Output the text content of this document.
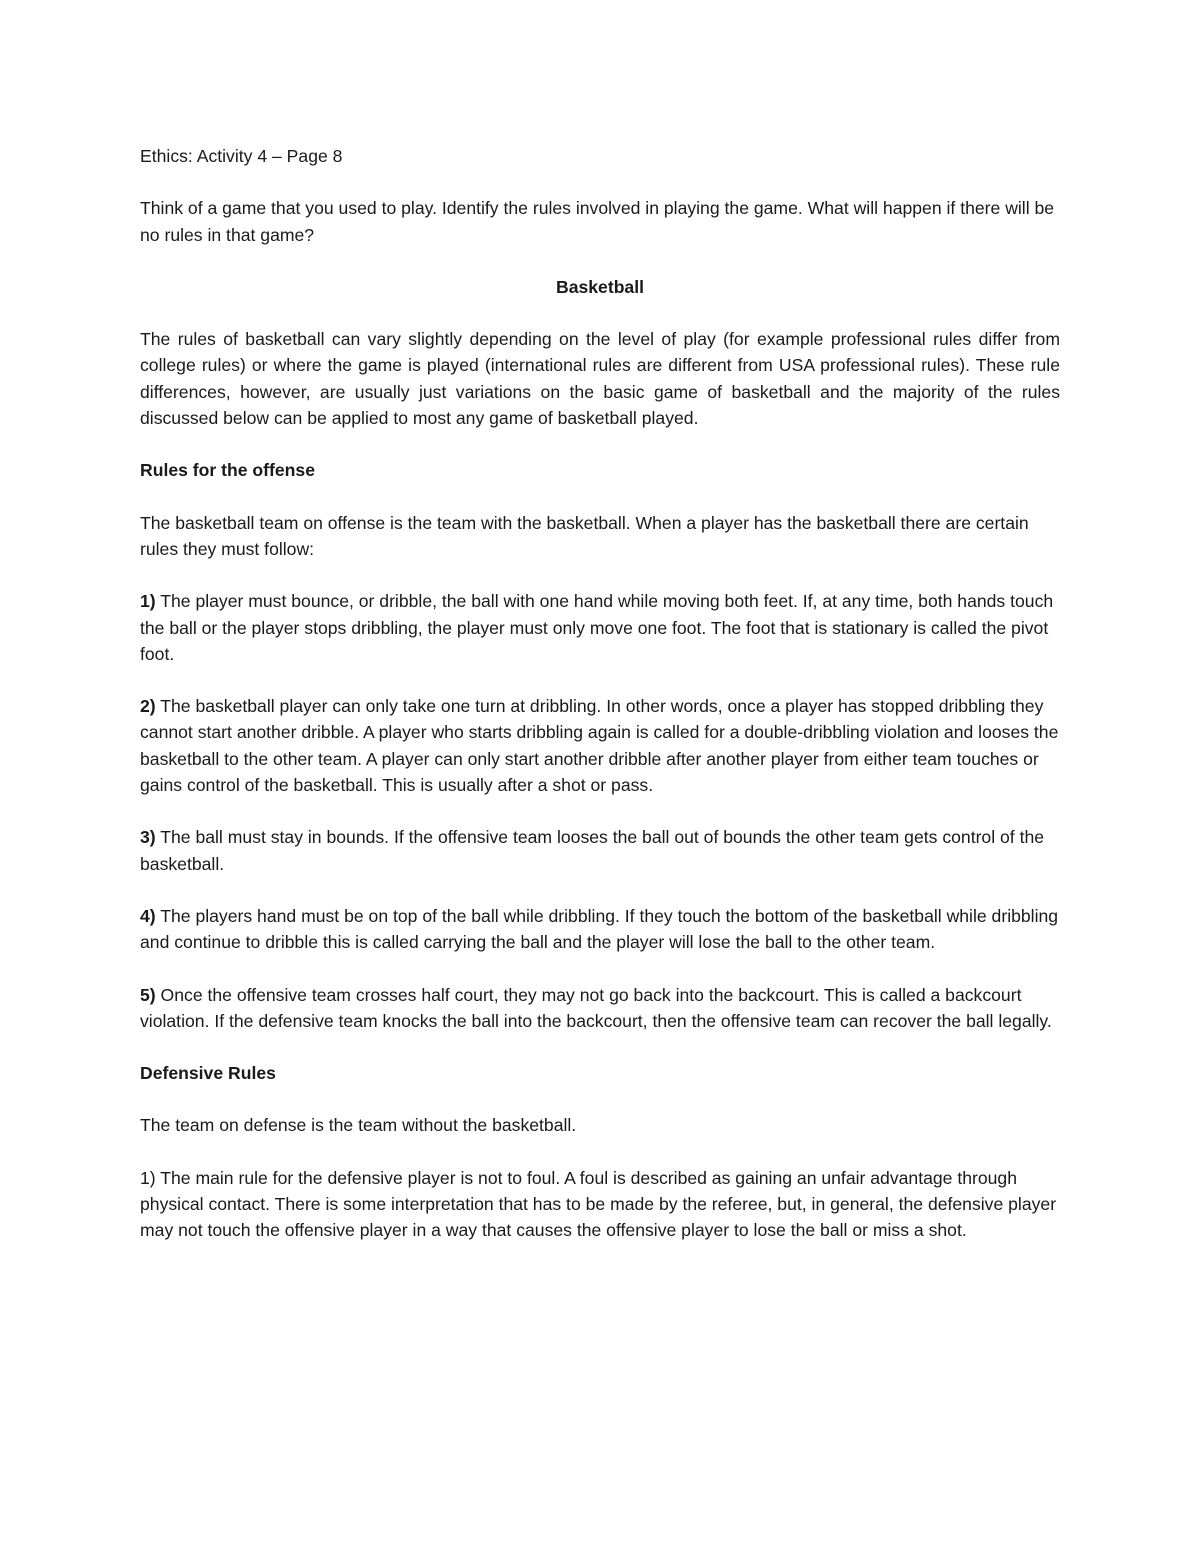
Ethics: Activity 4 – Page 8

Think of a game that you used to play. Identify the rules involved in playing the game. What will happen if there will be no rules in that game?

Basketball

The rules of basketball can vary slightly depending on the level of play (for example professional rules differ from college rules) or where the game is played (international rules are different from USA professional rules). These rule differences, however, are usually just variations on the basic game of basketball and the majority of the rules discussed below can be applied to most any game of basketball played.

Rules for the offense

The basketball team on offense is the team with the basketball. When a player has the basketball there are certain rules they must follow:

1) The player must bounce, or dribble, the ball with one hand while moving both feet. If, at any time, both hands touch the ball or the player stops dribbling, the player must only move one foot. The foot that is stationary is called the pivot foot.

2) The basketball player can only take one turn at dribbling. In other words, once a player has stopped dribbling they cannot start another dribble. A player who starts dribbling again is called for a double-dribbling violation and looses the basketball to the other team. A player can only start another dribble after another player from either team touches or gains control of the basketball. This is usually after a shot or pass.

3) The ball must stay in bounds. If the offensive team looses the ball out of bounds the other team gets control of the basketball.

4) The players hand must be on top of the ball while dribbling. If they touch the bottom of the basketball while dribbling and continue to dribble this is called carrying the ball and the player will lose the ball to the other team.

5) Once the offensive team crosses half court, they may not go back into the backcourt. This is called a backcourt violation. If the defensive team knocks the ball into the backcourt, then the offensive team can recover the ball legally.

Defensive Rules

The team on defense is the team without the basketball.

1) The main rule for the defensive player is not to foul. A foul is described as gaining an unfair advantage through physical contact. There is some interpretation that has to be made by the referee, but, in general, the defensive player may not touch the offensive player in a way that causes the offensive player to lose the ball or miss a shot.
